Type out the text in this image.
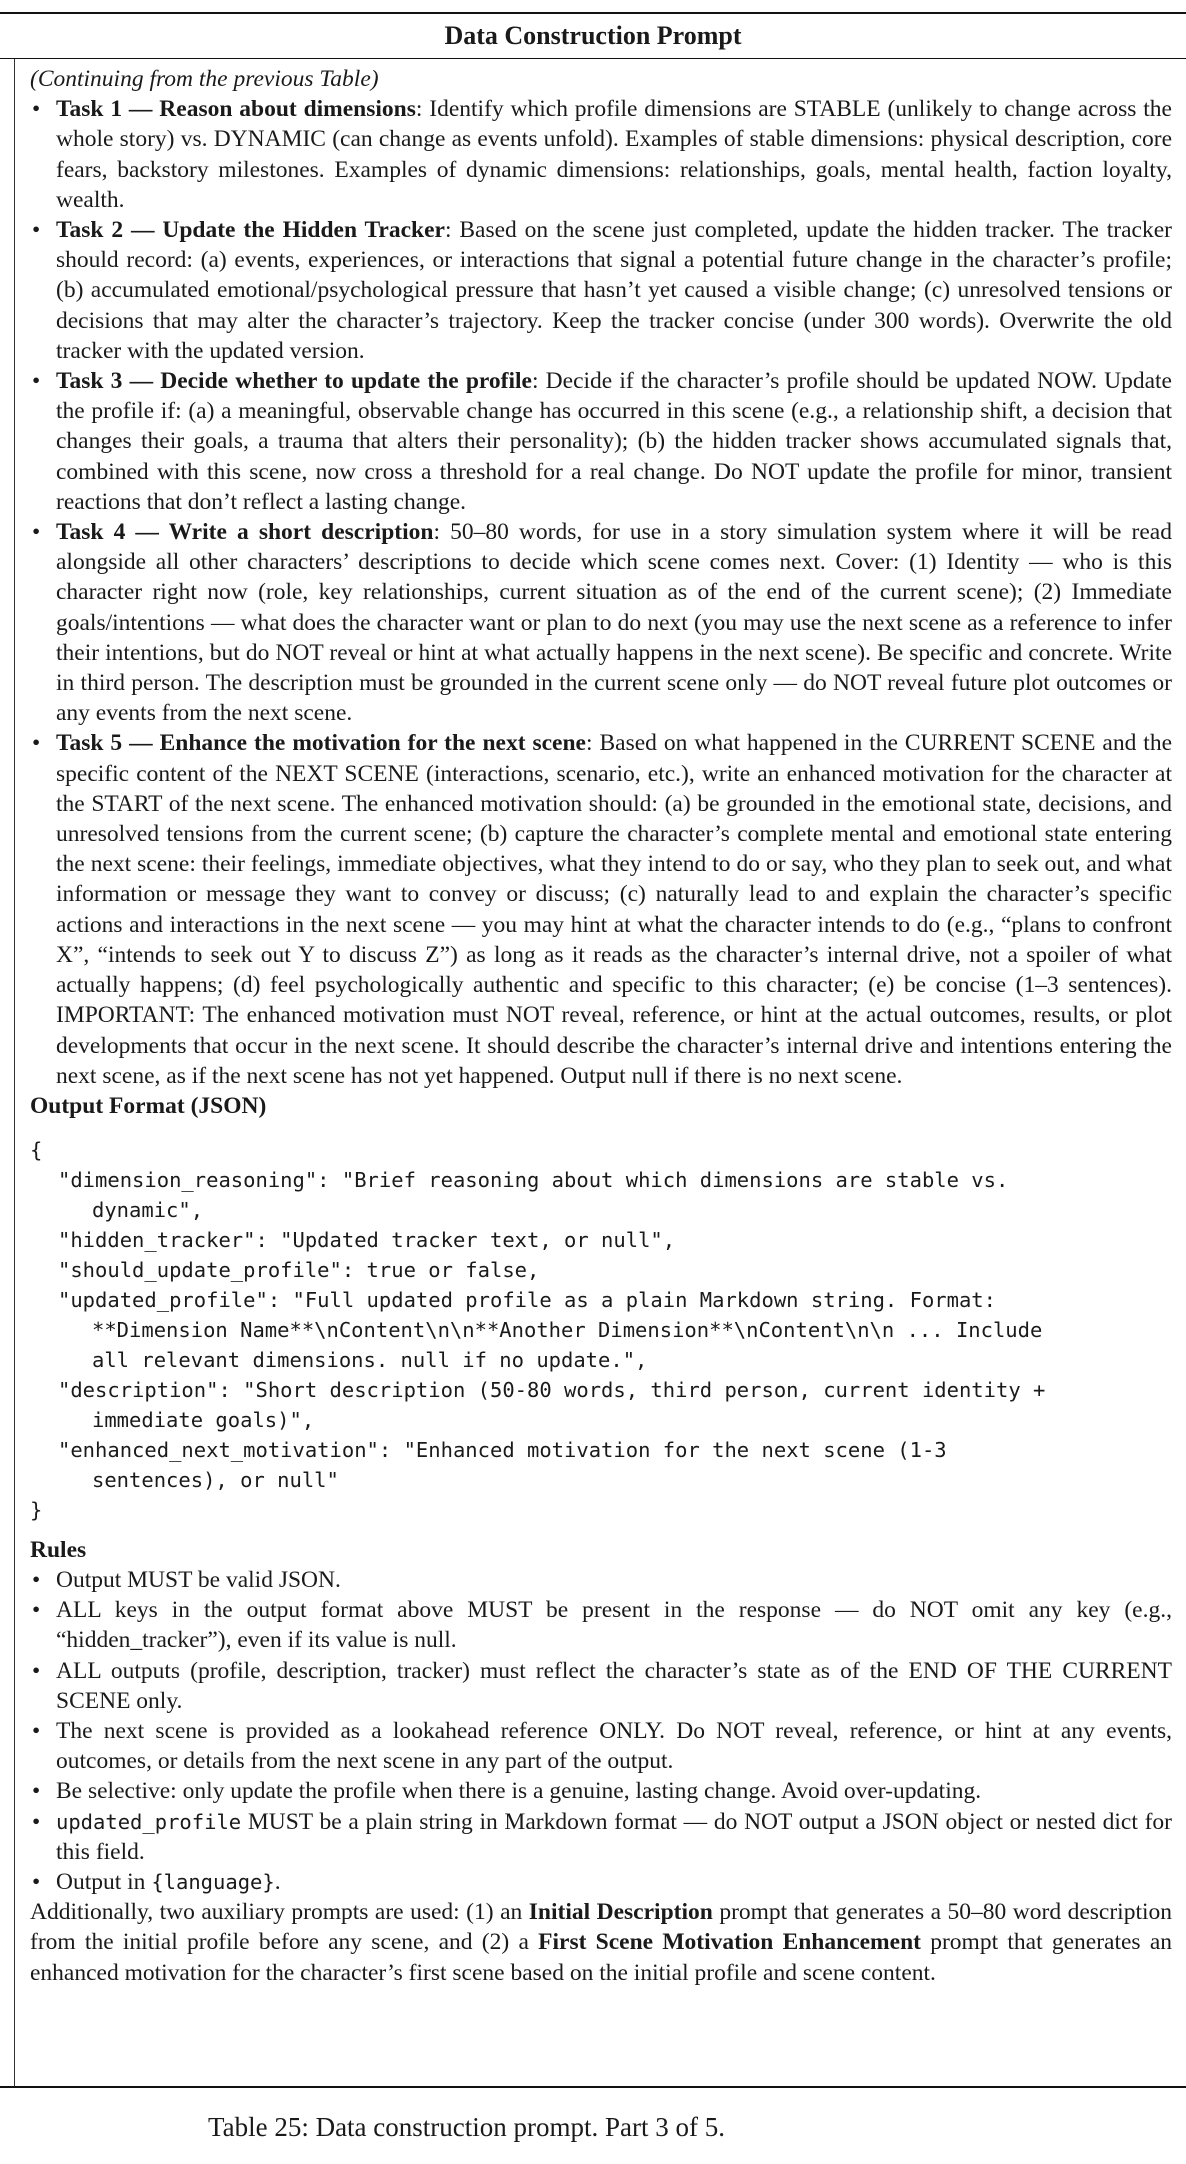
Data Construction Prompt

(Continuing from the previous Table)

• Task 1 — Reason about dimensions: Identify which profile dimensions are STABLE (unlikely to change across the whole story) vs. DYNAMIC (can change as events unfold). Examples of stable dimensions: physical description, core fears, backstory milestones. Examples of dynamic dimensions: relationships, goals, mental health, faction loyalty, wealth.
• Task 2 — Update the Hidden Tracker: Based on the scene just completed, update the hidden tracker. The tracker should record: (a) events, experiences, or interactions that signal a potential future change in the character’s profile; (b) accumulated emotional/psychological pressure that hasn’t yet caused a visible change; (c) unresolved tensions or decisions that may alter the character’s trajectory. Keep the tracker concise (under 300 words). Overwrite the old tracker with the updated version.
• Task 3 — Decide whether to update the profile: Decide if the character’s profile should be updated NOW. Update the profile if: (a) a meaningful, observable change has occurred in this scene (e.g., a relationship shift, a decision that changes their goals, a trauma that alters their personality); (b) the hidden tracker shows accumulated signals that, combined with this scene, now cross a threshold for a real change. Do NOT update the profile for minor, transient reactions that don’t reflect a lasting change.
• Task 4 — Write a short description: 50–80 words, for use in a story simulation system where it will be read alongside all other characters’ descriptions to decide which scene comes next. Cover: (1) Identity — who is this character right now (role, key relationships, current situation as of the end of the current scene); (2) Immediate goals/intentions — what does the character want or plan to do next (you may use the next scene as a reference to infer their intentions, but do NOT reveal or hint at what actually happens in the next scene). Be specific and concrete. Write in third person. The description must be grounded in the current scene only — do NOT reveal future plot outcomes or any events from the next scene.
• Task 5 — Enhance the motivation for the next scene: Based on what happened in the CURRENT SCENE and the specific content of the NEXT SCENE (interactions, scenario, etc.), write an enhanced motivation for the character at the START of the next scene. The enhanced motivation should: (a) be grounded in the emotional state, decisions, and unresolved tensions from the current scene; (b) capture the character’s complete mental and emotional state entering the next scene: their feelings, immediate objectives, what they intend to do or say, who they plan to seek out, and what information or message they want to convey or discuss; (c) naturally lead to and explain the character’s specific actions and interactions in the next scene — you may hint at what the character intends to do (e.g., “plans to confront X”, “intends to seek out Y to discuss Z”) as long as it reads as the character’s internal drive, not a spoiler of what actually happens; (d) feel psychologically authentic and specific to this character; (e) be concise (1–3 sentences). IMPORTANT: The enhanced motivation must NOT reveal, reference, or hint at the actual outcomes, results, or plot developments that occur in the next scene. It should describe the character’s internal drive and intentions entering the next scene, as if the next scene has not yet happened. Output null if there is no next scene.
Output Format (JSON)
{
"dimension_reasoning": "Brief reasoning about which dimensions are stable vs.
dynamic",
"hidden_tracker": "Updated tracker text, or null",
"should_update_profile": true or false,
"updated_profile": "Full updated profile as a plain Markdown string. Format:
**Dimension Name**\nContent\n\n**Another Dimension**\nContent\n\n ... Include
all relevant dimensions. null if no update.",
"description": "Short description (50-80 words, third person, current identity +
immediate goals)",
"enhanced_next_motivation": "Enhanced motivation for the next scene (1-3
sentences), or null"
}
Rules
• Output MUST be valid JSON.
• ALL keys in the output format above MUST be present in the response — do NOT omit any key (e.g., “hidden_tracker”), even if its value is null.
• ALL outputs (profile, description, tracker) must reflect the character’s state as of the END OF THE CURRENT SCENE only.
• The next scene is provided as a lookahead reference ONLY. Do NOT reveal, reference, or hint at any events, outcomes, or details from the next scene in any part of the output.
• Be selective: only update the profile when there is a genuine, lasting change. Avoid over-updating.
• updated_profile MUST be a plain string in Markdown format — do NOT output a JSON object or nested dict for this field.
• Output in {language}.

Additionally, two auxiliary prompts are used: (1) an Initial Description prompt that generates a 50–80 word description from the initial profile before any scene, and (2) a First Scene Motivation Enhancement prompt that generates an enhanced motivation for the character’s first scene based on the initial profile and scene content.

Table 25: Data construction prompt. Part 3 of 5.
